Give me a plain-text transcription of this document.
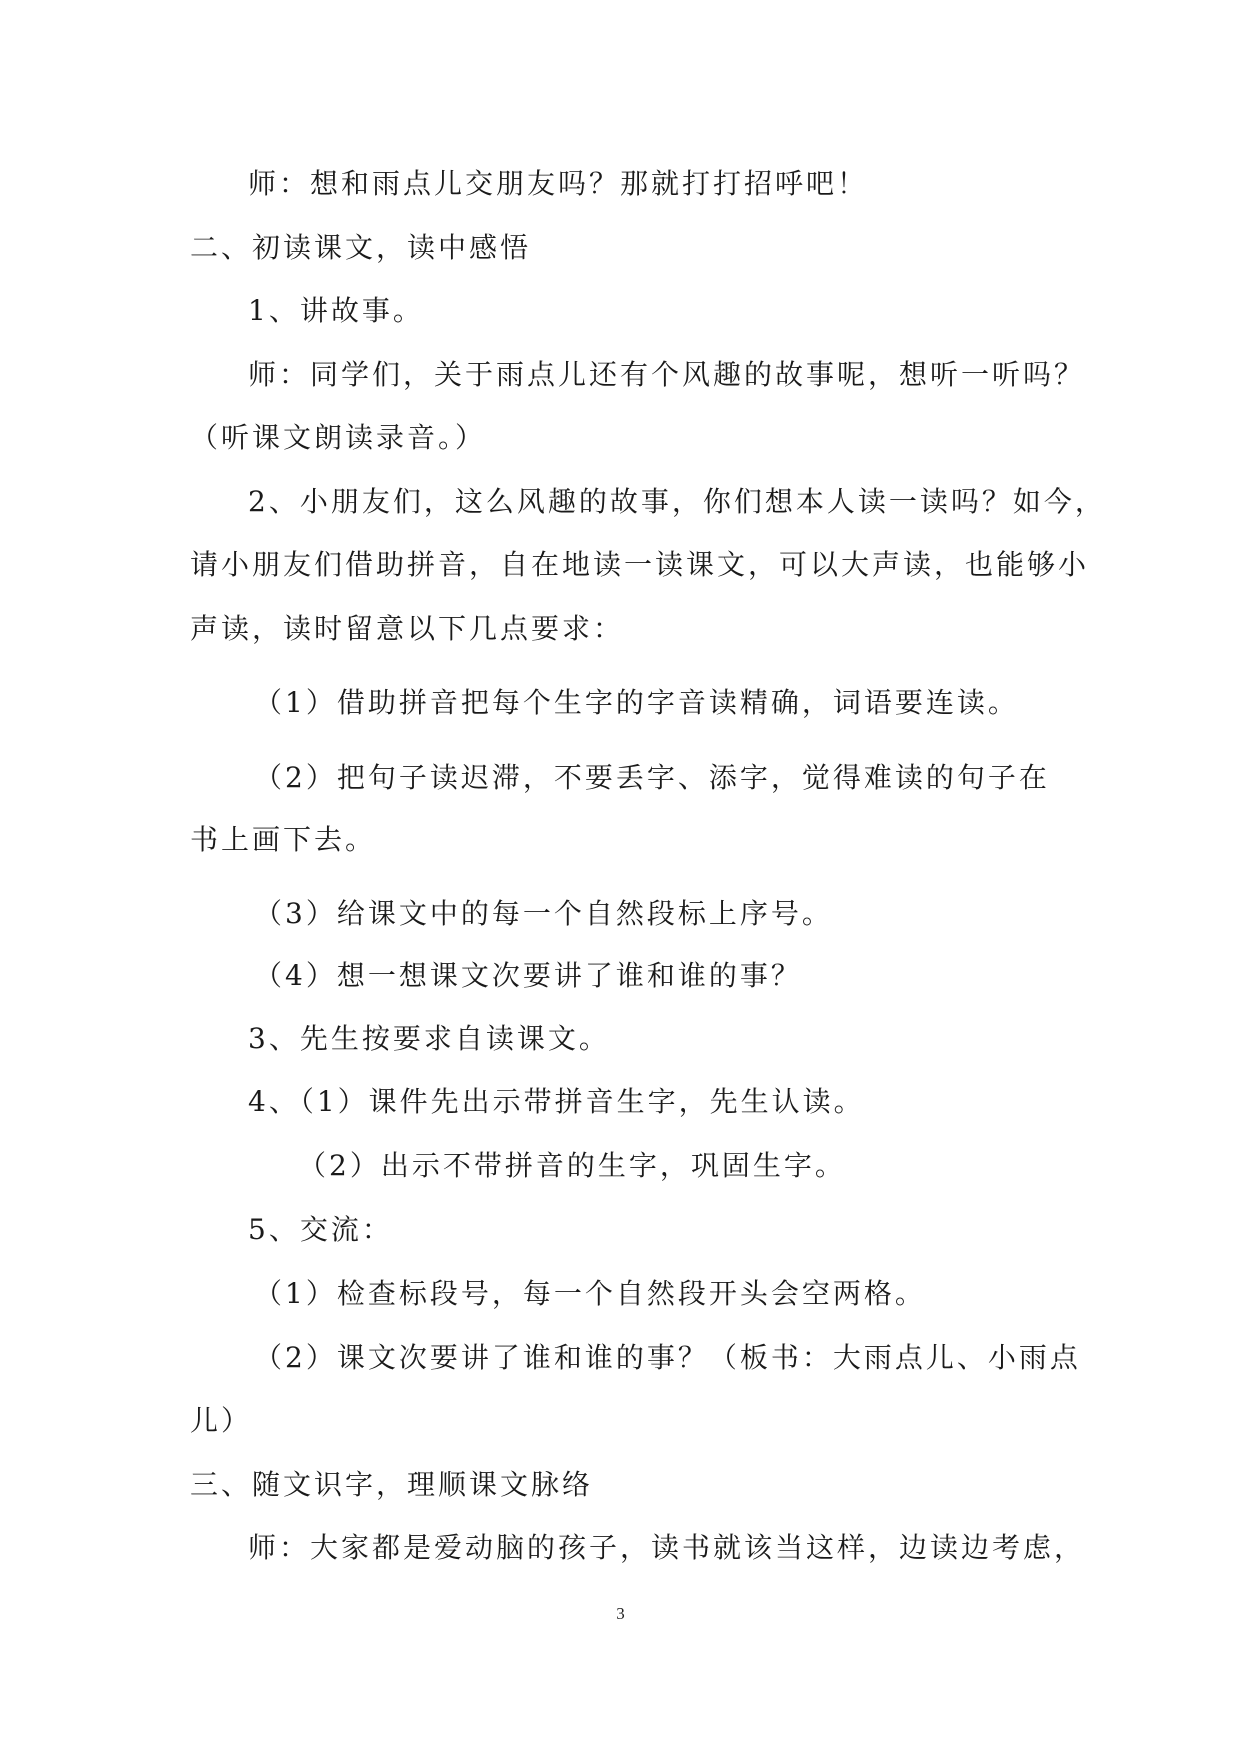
师：想和雨点儿交朋友吗？那就打打招呼吧！
二、初读课文，读中感悟
1、讲故事。
师：同学们，关于雨点儿还有个风趣的故事呢，想听一听吗？
（听课文朗读录音。）
2、小朋友们，这么风趣的故事，你们想本人读一读吗？如今，
请小朋友们借助拼音，自在地读一读课文，可以大声读，也能够小
声读，读时留意以下几点要求：
（1）借助拼音把每个生字的字音读精确，词语要连读。
（2）把句子读迟滞，不要丢字、添字，觉得难读的句子在
书上画下去。
（3）给课文中的每一个自然段标上序号。
（4）想一想课文次要讲了谁和谁的事？
3、先生按要求自读课文。
4、（1）课件先出示带拼音生字，先生认读。
（2）出示不带拼音的生字，巩固生字。
5、交流：
（1）检查标段号，每一个自然段开头会空两格。
（2）课文次要讲了谁和谁的事？（板书：大雨点儿、小雨点
儿）
三、随文识字，理顺课文脉络
师：大家都是爱动脑的孩子，读书就该当这样，边读边考虑，
3
